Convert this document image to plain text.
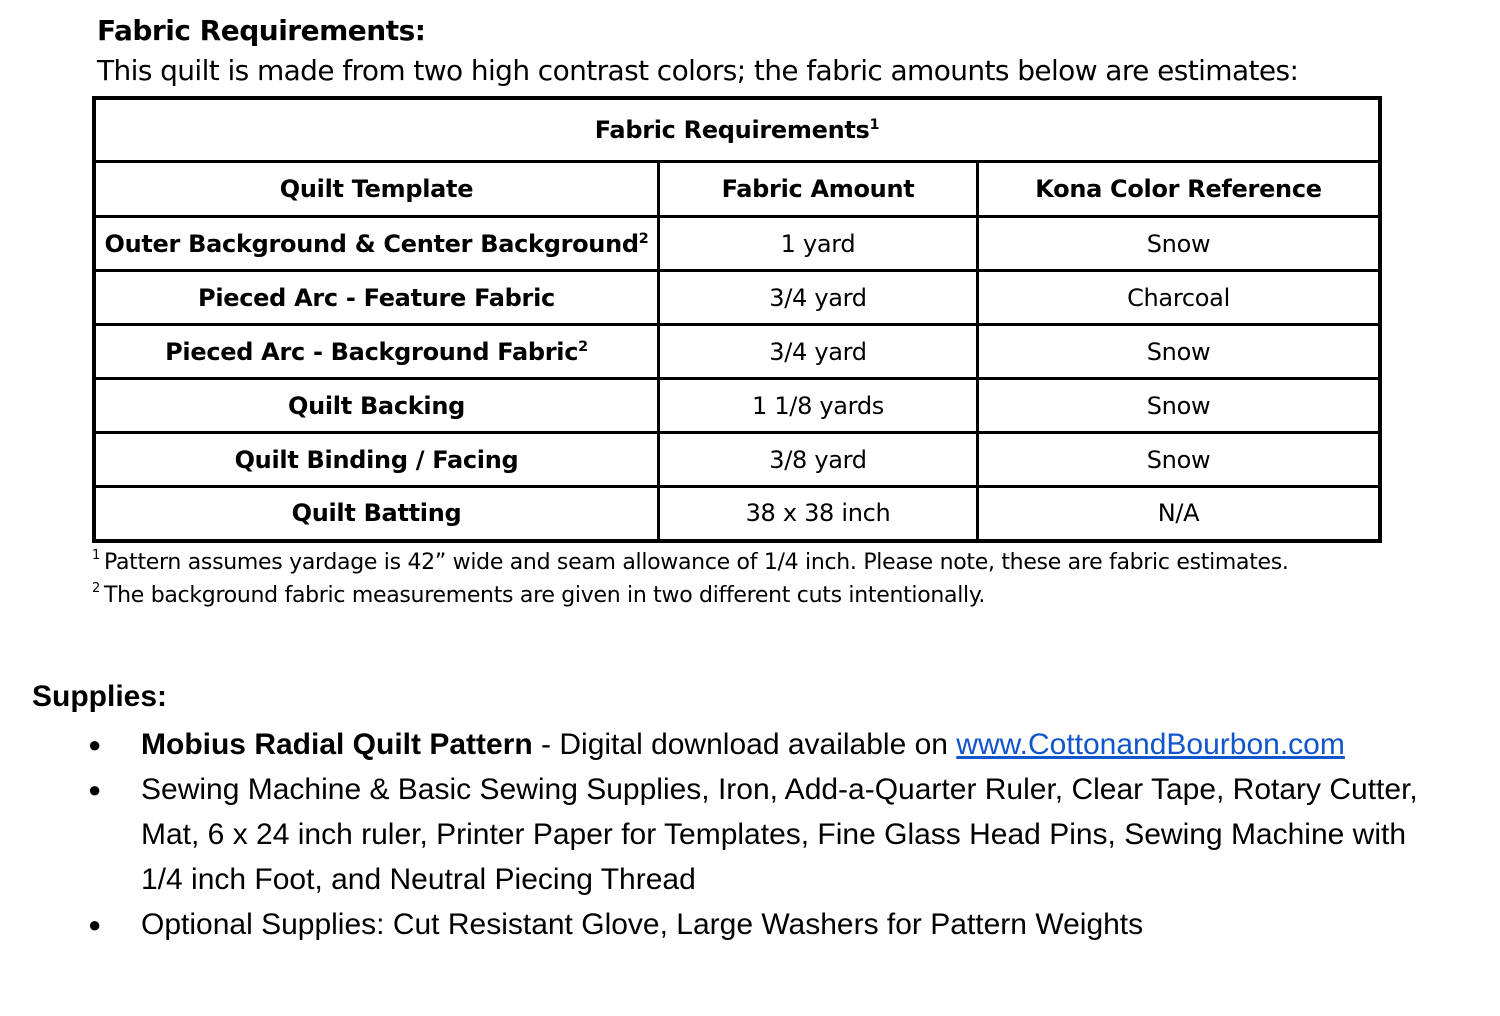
Fabric Requirements:
This quilt is made from two high contrast colors; the fabric amounts below are estimates:
Fabric Requirements$^1$
Quilt Template	Fabric Amount	Kona Color Reference
Outer Background & Center Background$^2$	1 yard	Snow
Pieced Arc - Feature Fabric	3/4 yard	Charcoal
Pieced Arc - Background Fabric$^2$	3/4 yard	Snow
Quilt Backing	1 1/8 yards	Snow
Quilt Binding / Facing	3/8 yard	Snow
Quilt Batting	38 x 38 inch	N/A
$^1$ Pattern assumes yardage is 42” wide and seam allowance of 1/4 inch. Please note, these are fabric estimates.
$^2$ The background fabric measurements are given in two different cuts intentionally.
Supplies:
● Mobius Radial Quilt Pattern - Digital download available on www.CottonandBourbon.com
● Sewing Machine & Basic Sewing Supplies, Iron, Add-a-Quarter Ruler, Clear Tape, Rotary Cutter, Mat, 6 x 24 inch ruler, Printer Paper for Templates, Fine Glass Head Pins, Sewing Machine with 1/4 inch Foot, and Neutral Piecing Thread
● Optional Supplies: Cut Resistant Glove, Large Washers for Pattern Weights
